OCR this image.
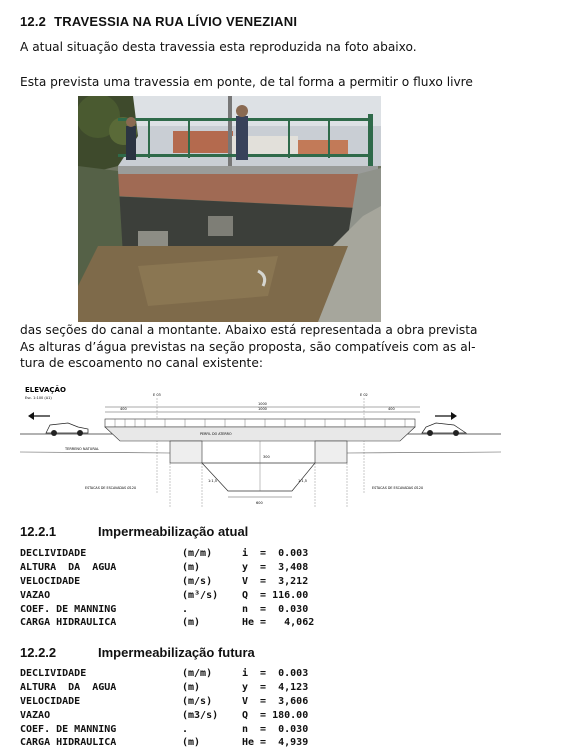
12.2 TRAVESSIA NA RUA LÍVIO VENEZIANI
A atual situação desta travessia esta reproduzida na foto abaixo.
Esta prevista uma travessia em ponte, de tal forma a permitir o fluxo livre
das seções do canal a montante. Abaixo está representada a obra prevista
As alturas d’água previstas na seção proposta, são compatíveis com as al-
tura de escoamento no canal existente:
ELEVAÇÃO
Esc. 1:100 (A1)
400
1000
1000	400
E 03	E 02
PERFIL DO ATERRO
TERRENO NATURAL
600
300
1:1,5	1:1,5
ESTACAS DE ESCAVADAS Ø120	ESTACAS DE ESCAVADAS Ø120
12.2.1	Impermeabilização atual
DECLIVIDADE	(m/m)	i  =  0.003
ALTURA  DA  AGUA	(m)	y  =  3,408
VELOCIDADE	(m/s)	V  =  3,212
VAZAO	(m³/s) Q  = 116.00
COEF. DE MANNING	.	n  =  0.030
CARGA HIDRAULICA	(m)	He =   4,062
12.2.2	Impermeabilização futura
DECLIVIDADE	(m/m)	i  =  0.003
ALTURA  DA  AGUA	(m)	y  =  4,123
VELOCIDADE	(m/s)	V  =  3,606
VAZAO	(m3/s) Q  = 180.00
COEF. DE MANNING	.	n  =  0.030
CARGA HIDRAULICA	(m)	He =  4,939
